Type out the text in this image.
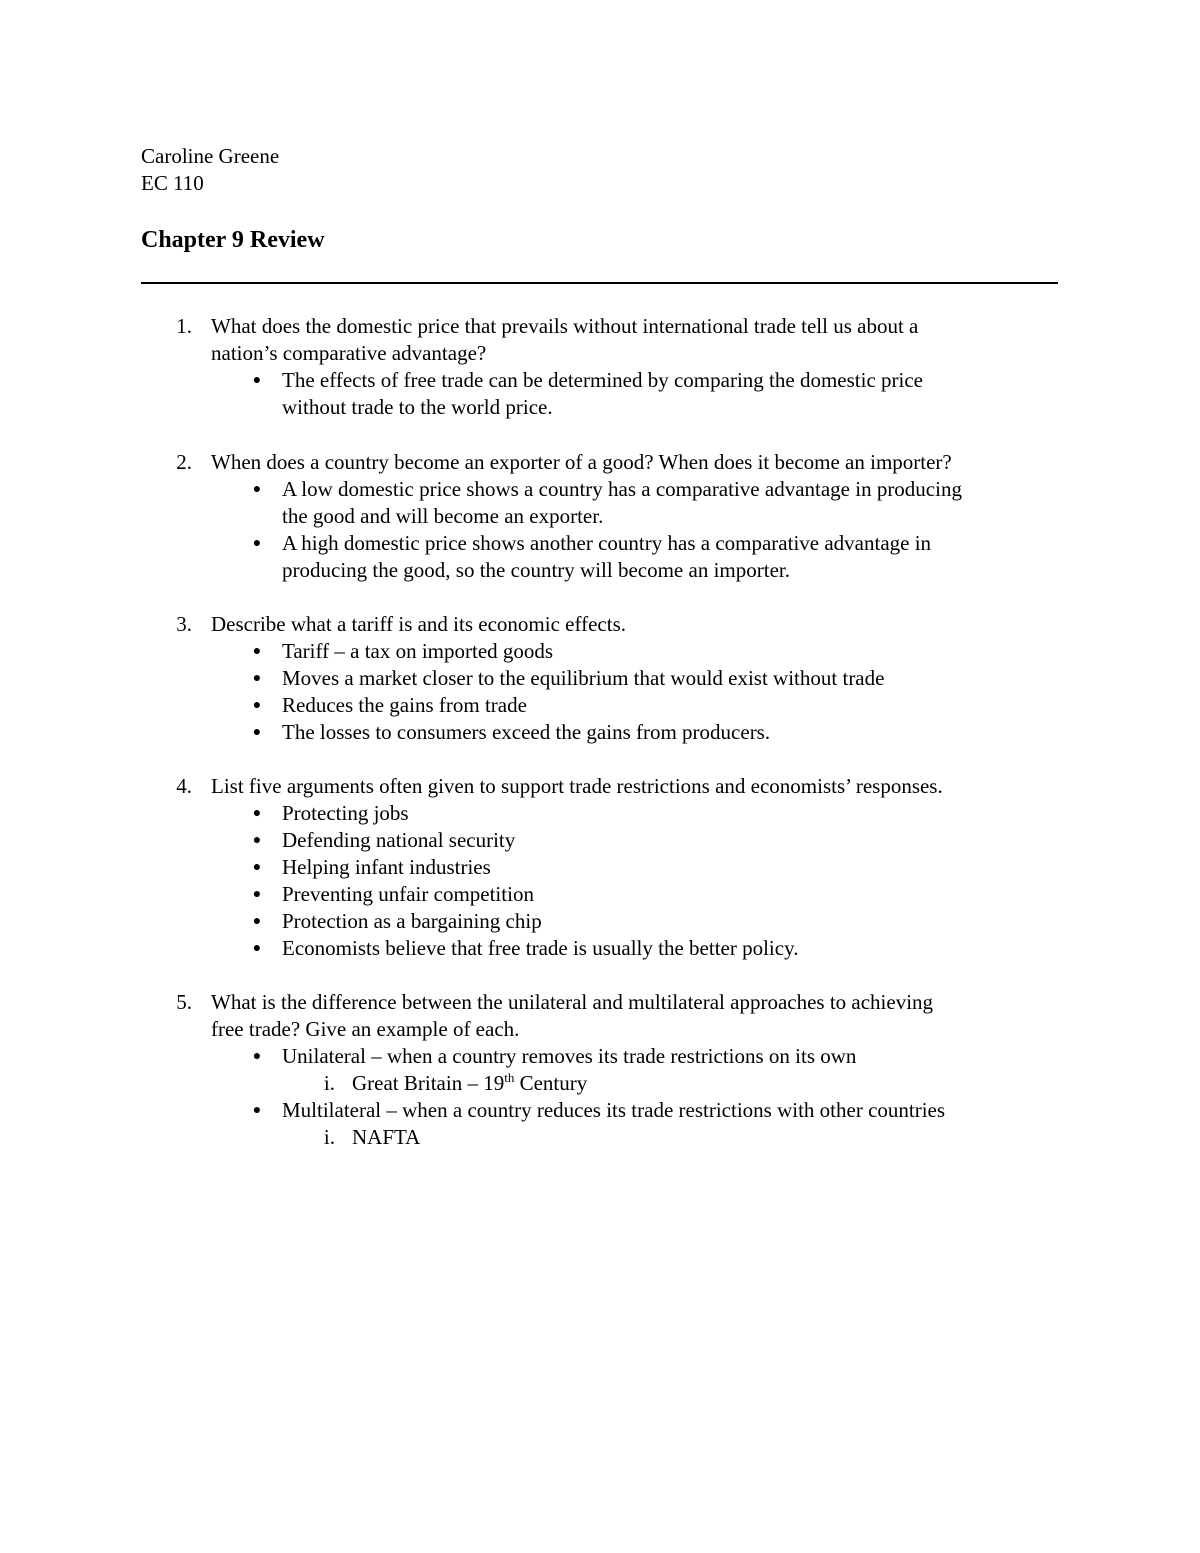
Caroline Greene
EC 110
Chapter 9 Review
1. What does the domestic price that prevails without international trade tell us about a
nation’s comparative advantage?
● The effects of free trade can be determined by comparing the domestic price
without trade to the world price.
2. When does a country become an exporter of a good? When does it become an importer?
● A low domestic price shows a country has a comparative advantage in producing
the good and will become an exporter.
● A high domestic price shows another country has a comparative advantage in
producing the good, so the country will become an importer.
3. Describe what a tariff is and its economic effects.
● Tariff – a tax on imported goods
● Moves a market closer to the equilibrium that would exist without trade
● Reduces the gains from trade
● The losses to consumers exceed the gains from producers.
4. List five arguments often given to support trade restrictions and economists’ responses.
● Protecting jobs
● Defending national security
● Helping infant industries
● Preventing unfair competition
● Protection as a bargaining chip
● Economists believe that free trade is usually the better policy.
5. What is the difference between the unilateral and multilateral approaches to achieving
free trade? Give an example of each.
● Unilateral – when a country removes its trade restrictions on its own
i. Great Britain – 19th Century
● Multilateral – when a country reduces its trade restrictions with other countries
i. NAFTA
